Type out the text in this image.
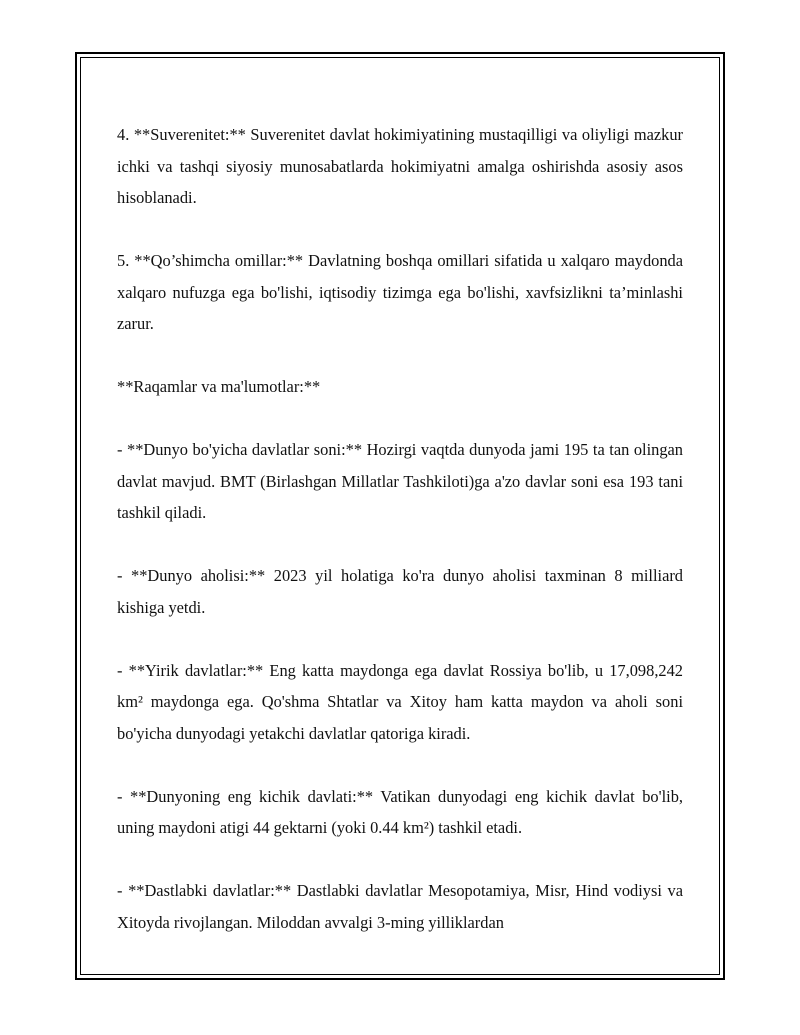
4. **Suverenitet:** Suverenitet davlat hokimiyatining mustaqilligi va oliyligi mazkur ichki va tashqi siyosiy munosabatlarda hokimiyatni amalga oshirishda asosiy asos hisoblanadi.

5. **Qo’shimcha omillar:** Davlatning boshqa omillari sifatida u xalqaro maydonda xalqaro nufuzga ega bo'lishi, iqtisodiy tizimga ega bo'lishi, xavfsizlikni ta’minlashi zarur.

**Raqamlar va ma'lumotlar:**

- **Dunyo bo'yicha davlatlar soni:** Hozirgi vaqtda dunyoda jami 195 ta tan olingan davlat mavjud. BMT (Birlashgan Millatlar Tashkiloti)ga a'zo davlar soni esa 193 tani tashkil qiladi.

- **Dunyo aholisi:** 2023 yil holatiga ko'ra dunyo aholisi taxminan 8 milliard kishiga yetdi.

- **Yirik davlatlar:** Eng katta maydonga ega davlat Rossiya bo'lib, u 17,098,242 km² maydonga ega. Qo'shma Shtatlar va Xitoy ham katta maydon va aholi soni bo'yicha dunyodagi yetakchi davlatlar qatoriga kiradi.

- **Dunyoning eng kichik davlati:** Vatikan dunyodagi eng kichik davlat bo'lib, uning maydoni atigi 44 gektarni (yoki 0.44 km²) tashkil etadi.

- **Dastlabki davlatlar:** Dastlabki davlatlar Mesopotamiya, Misr, Hind vodiysi va Xitoyda rivojlangan. Miloddan avvalgi 3-ming yilliklardan
